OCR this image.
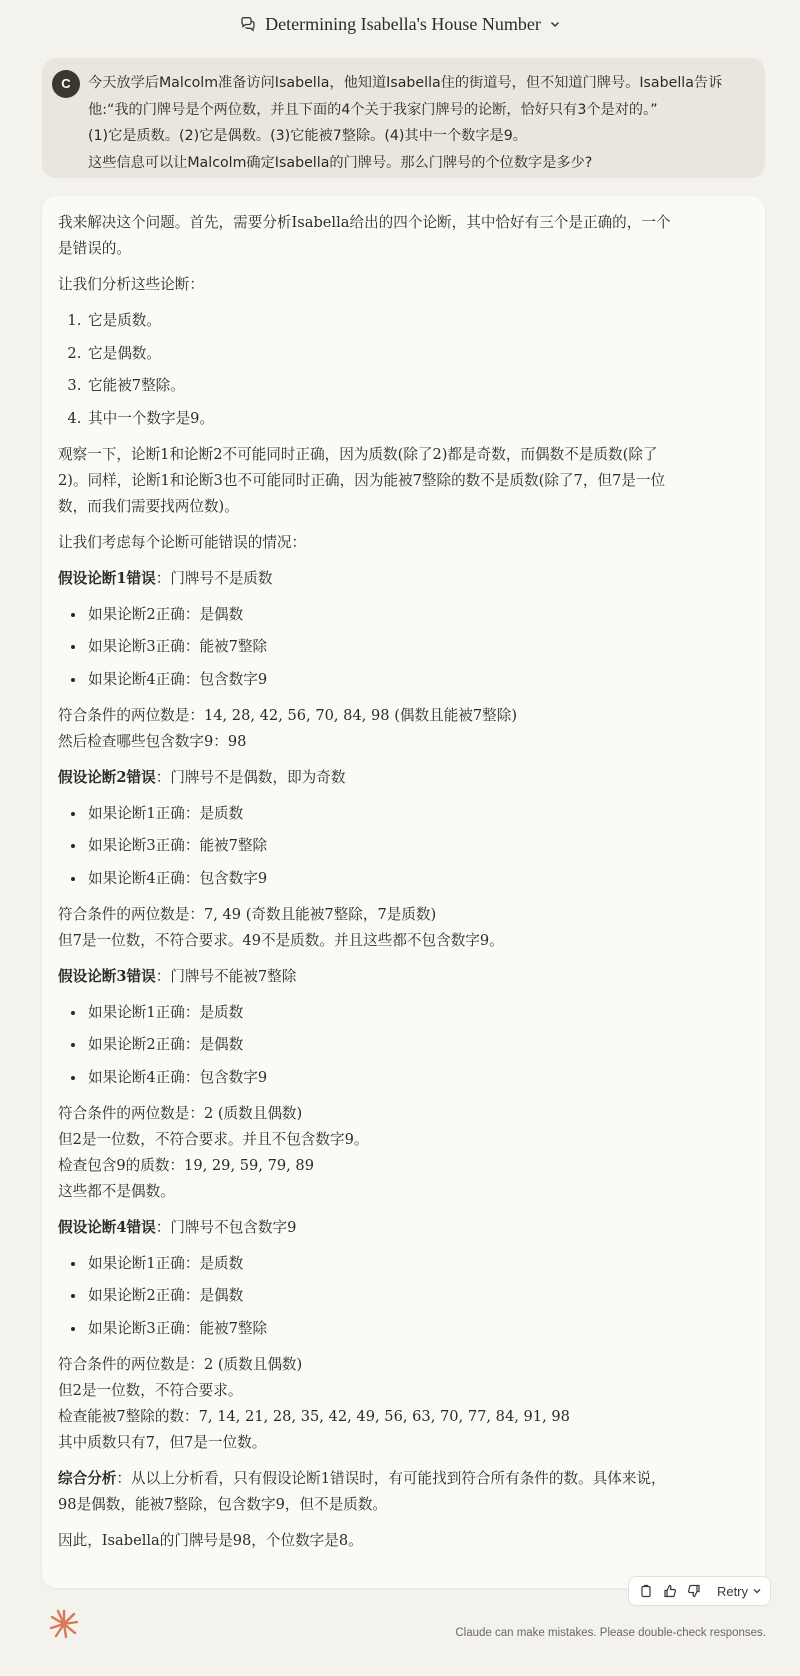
Determining Isabella's House Number
C	今天放学后Malcolm准备访问Isabella，他知道Isabella住的街道号，但不知道门牌号。Isabella告诉

他:“我的门牌号是个两位数，并且下面的4个关于我家门牌号的论断，恰好只有3个是对的。”

(1)它是质数。(2)它是偶数。(3)它能被7整除。(4)其中一个数字是9。

这些信息可以让Malcolm确定Isabella的门牌号。那么门牌号的个位数字是多少?

我来解决这个问题。首先，需要分析Isabella给出的四个论断，其中恰好有三个是正确的，一个
是错误的。

让我们分析这些论断：

1. 它是质数。
2. 它是偶数。
3. 它能被7整除。
4. 其中一个数字是9。

观察一下，论断1和论断2不可能同时正确，因为质数(除了2)都是奇数，而偶数不是质数(除了
2)。同样，论断1和论断3也不可能同时正确，因为能被7整除的数不是质数(除了7，但7是一位
数，而我们需要找两位数)。

让我们考虑每个论断可能错误的情况：

假设论断1错误：门牌号不是质数

• 如果论断2正确：是偶数
• 如果论断3正确：能被7整除
• 如果论断4正确：包含数字9

符合条件的两位数是：14, 28, 42, 56, 70, 84, 98 (偶数且能被7整除)
然后检查哪些包含数字9：98

假设论断2错误：门牌号不是偶数，即为奇数

• 如果论断1正确：是质数
• 如果论断3正确：能被7整除
• 如果论断4正确：包含数字9

符合条件的两位数是：7, 49 (奇数且能被7整除，7是质数)
但7是一位数，不符合要求。49不是质数。并且这些都不包含数字9。

假设论断3错误：门牌号不能被7整除

• 如果论断1正确：是质数
• 如果论断2正确：是偶数
• 如果论断4正确：包含数字9

符合条件的两位数是：2 (质数且偶数)
但2是一位数，不符合要求。并且不包含数字9。
检查包含9的质数：19, 29, 59, 79, 89
这些都不是偶数。

假设论断4错误：门牌号不包含数字9

• 如果论断1正确：是质数
• 如果论断2正确：是偶数
• 如果论断3正确：能被7整除

符合条件的两位数是：2 (质数且偶数)
但2是一位数，不符合要求。
检查能被7整除的数：7, 14, 21, 28, 35, 42, 49, 56, 63, 70, 77, 84, 91, 98
其中质数只有7，但7是一位数。

综合分析：从以上分析看，只有假设论断1错误时，有可能找到符合所有条件的数。具体来说，
98是偶数，能被7整除，包含数字9，但不是质数。

因此，Isabella的门牌号是98，个位数字是8。

Retry
Claude can make mistakes. Please double-check responses.
